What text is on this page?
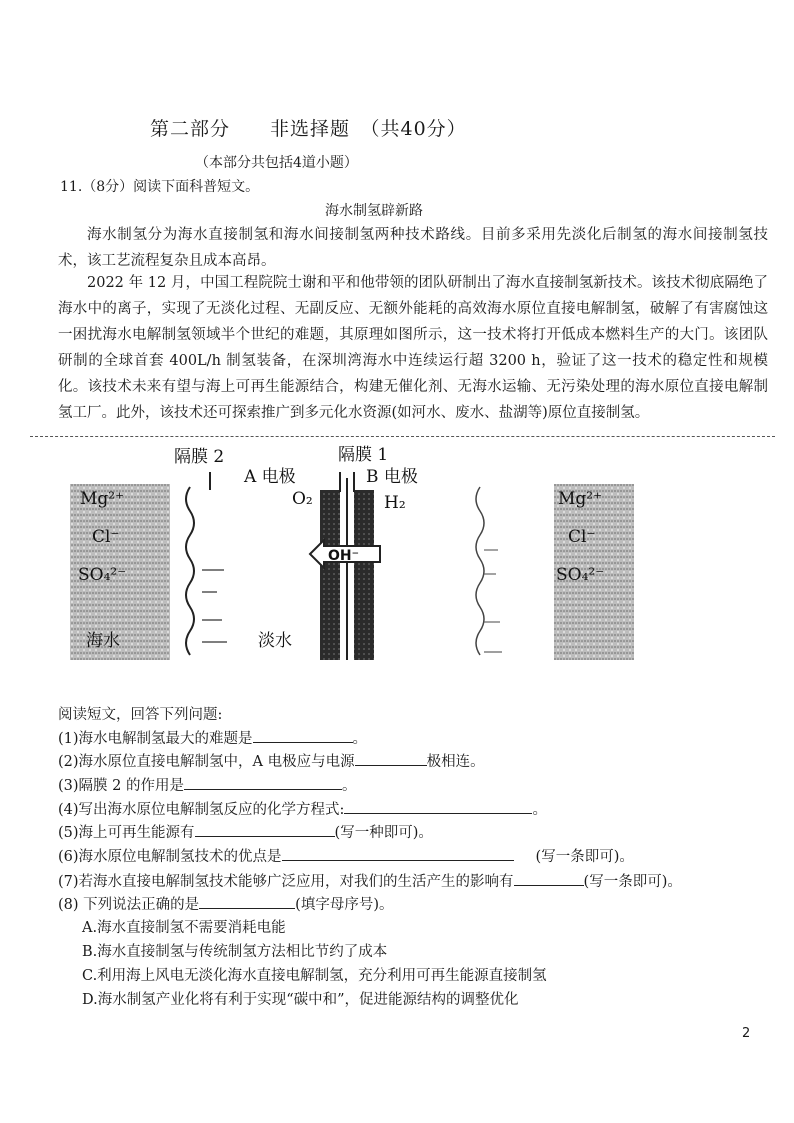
第二部分　　非选择题　（共40分）
（本部分共包括4道小题）
11.（8分）阅读下面科普短文。
海水制氢辟新路
海水制氢分为海水直接制氢和海水间接制氢两种技术路线。目前多采用先淡化后制氢的海水间接制氢技术，该工艺流程复杂且成本高昂。
2022 年 12 月，中国工程院院士谢和平和他带领的团队研制出了海水直接制氢新技术。该技术彻底隔绝了海水中的离子，实现了无淡化过程、无副反应、无额外能耗的高效海水原位直接电解制氢，破解了有害腐蚀这一困扰海水电解制氢领域半个世纪的难题，其原理如图所示，这一技术将打开低成本燃料生产的大门。该团队研制的全球首套 400L/h 制氢装备，在深圳湾海水中连续运行超 3200 h，验证了这一技术的稳定性和规模化。该技术未来有望与海上可再生能源结合，构建无催化剂、无海水运输、无污染处理的海水原位直接电解制氢工厂。此外，该技术还可探索推广到多元化水资源(如河水、废水、盐湖等)原位直接制氢。
隔膜 2
A 电极
隔膜 1
B 电极
O₂	H₂
OH⁻
淡水
Mg²⁺
Cl⁻
SO₄²⁻
海水
Mg²⁺
Cl⁻
SO₄²⁻
阅读短文，回答下列问题:
(1)海水电解制氢最大的难题是	。
(2)海水原位直接电解制氢中，A 电极应与电源	极相连。
(3)隔膜 2 的作用是	。
(4)写出海水原位电解制氢反应的化学方程式:	。
(5)海上可再生能源有	(写一种即可)。
(6)海水原位电解制氢技术的优点是	(写一条即可)。
(7)若海水直接电解制氢技术能够广泛应用，对我们的生活产生的影响有	(写一条即可)。
(8) 下列说法正确的是	(填字母序号)。
A.海水直接制氢不需要消耗电能
B.海水直接制氢与传统制氢方法相比节约了成本
C.利用海上风电无淡化海水直接电解制氢，充分利用可再生能源直接制氢
D.海水制氢产业化将有利于实现“碳中和”，促进能源结构的调整优化
2
